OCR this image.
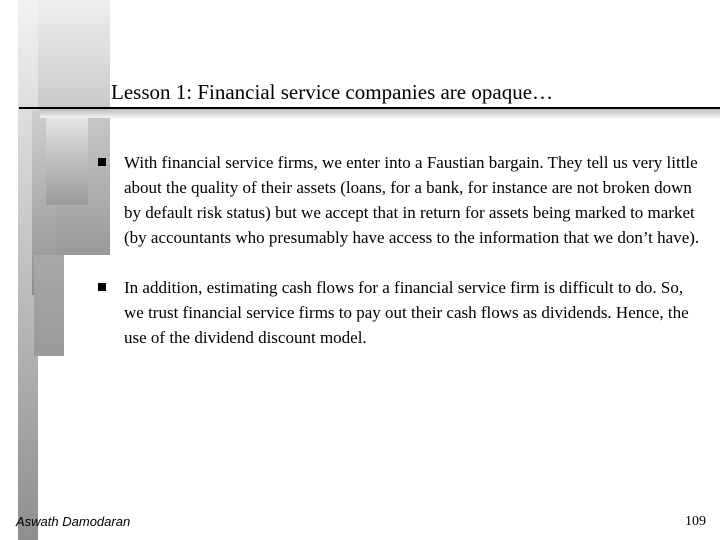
Lesson 1: Financial service companies are opaque…
With financial service firms, we enter into a Faustian bargain. They tell us very little about the quality of their assets (loans, for a bank, for instance are not broken down by default risk status) but we accept that in return for assets being marked to market (by accountants who presumably have access to the information that we don’t have).
In addition, estimating cash flows for a financial service firm is difficult to do. So, we trust financial service firms to pay out their cash flows as dividends. Hence, the use of the dividend discount model.
Aswath Damodaran	109
